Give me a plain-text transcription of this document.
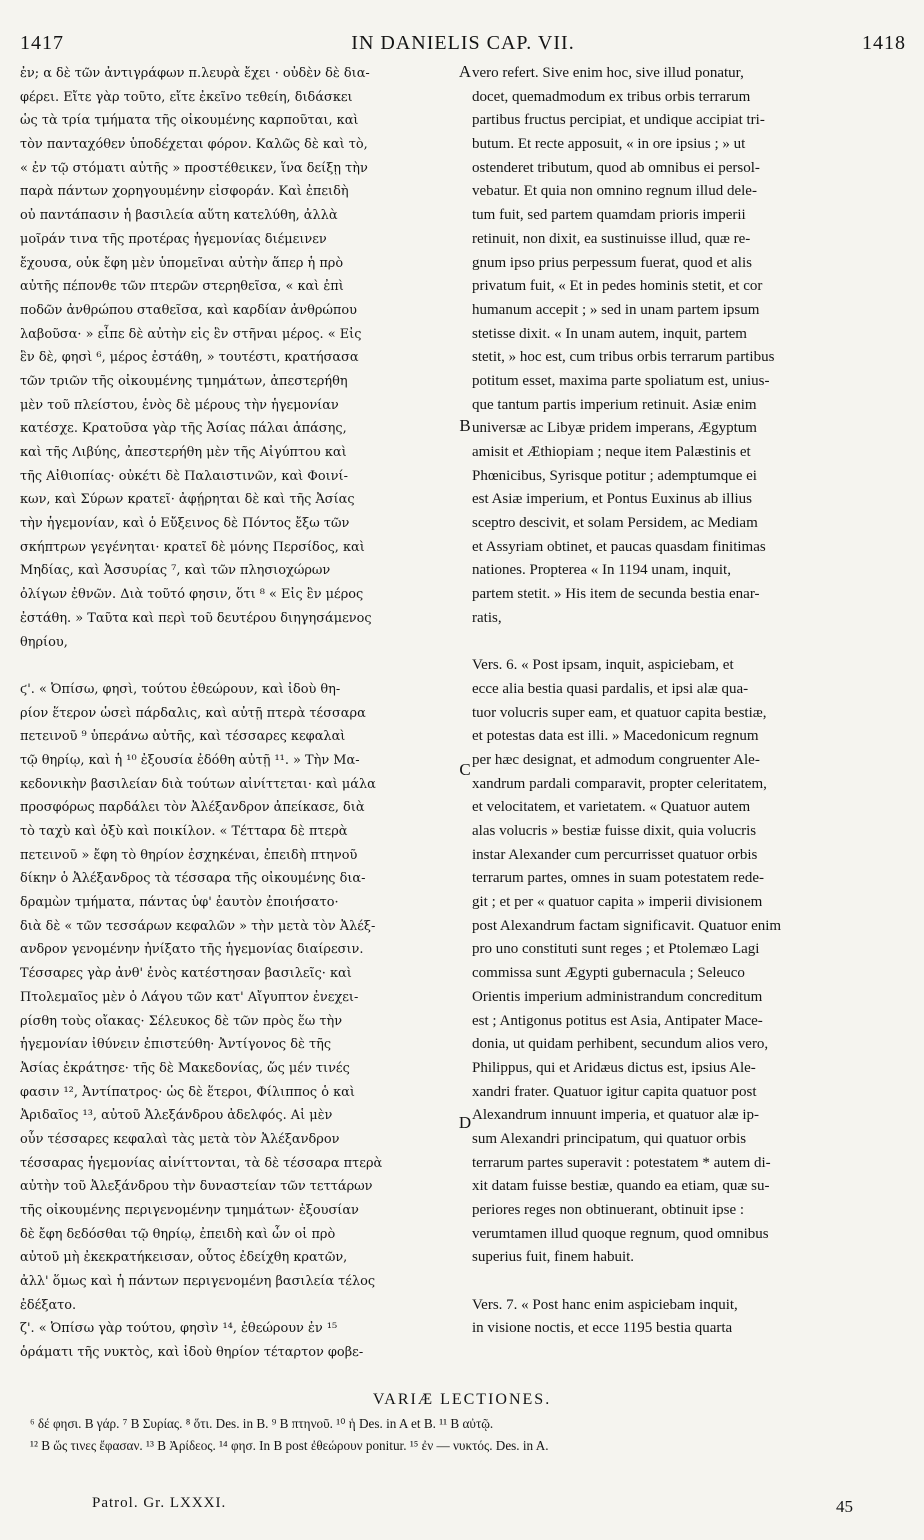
1417	IN DANIELIS CAP. VII.	1418
ἐν; α δὲ τῶν ἀντιγράφων π.λευρὰ ἔχει · οὐδὲν δὲ δια-
φέρει. Εἴτε γὰρ τοῦτο, εἴτε ἐκεῖνο τεθείη, διδάσκει
ὡς τὰ τρία τμήματα τῆς οἰκουμένης καρποῦται, καὶ
τὸν πανταχόθεν ὑποδέχεται φόρον. Καλῶς δὲ καὶ τὸ,
« ἐν τῷ στόματι αὐτῆς » προστέθεικεν, ἵνα δείξῃ τὴν
παρὰ πάντων χορηγουμένην εἰσφοράν. Καὶ ἐπειδὴ
οὐ παντάπασιν ἡ βασιλεία αὕτη κατελύθη, ἀλλὰ
μοῖράν τινα τῆς προτέρας ἡγεμονίας διέμεινεν
ἔχουσα, οὐκ ἔφη μὲν ὑπομεῖναι αὐτὴν ἅπερ ἡ πρὸ
αὐτῆς πέπονθε τῶν πτερῶν στερηθεῖσα, « καὶ ἐπὶ
ποδῶν ἀνθρώπου σταθεῖσα, καὶ καρδίαν ἀνθρώπου
λαβοῦσα· » εἶπε δὲ αὐτὴν εἰς ἓν στῆναι μέρος. « Εἰς
ἓν δὲ, φησὶ ⁶, μέρος ἐστάθη, » τουτέστι, κρατήσασα
τῶν τριῶν τῆς οἰκουμένης τμημάτων, ἀπεστερήθη
μὲν τοῦ πλείστου, ἑνὸς δὲ μέρους τὴν ἡγεμονίαν
κατέσχε. Κρατοῦσα γὰρ τῆς Ἀσίας πάλαι ἁπάσης,
καὶ τῆς Λιβύης, ἀπεστερήθη μὲν τῆς Αἰγύπτου καὶ
τῆς Αἰθιοπίας· οὐκέτι δὲ Παλαιστινῶν, καὶ Φοινί-
κων, καὶ Σύρων κρατεῖ· ἀφῄρηται δὲ καὶ τῆς Ἀσίας
τὴν ἡγεμονίαν, καὶ ὁ Εὔξεινος δὲ Πόντος ἔξω τῶν
σκήπτρων γεγένηται· κρατεῖ δὲ μόνης Περσίδος, καὶ
Μηδίας, καὶ Ἀσσυρίας ⁷, καὶ τῶν πλησιοχώρων
ὀλίγων ἐθνῶν. Διὰ τοῦτό φησιν, ὅτι ⁸ « Εἰς ἓν μέρος
ἐστάθη. » Ταῦτα καὶ περὶ τοῦ δευτέρου διηγησάμενος
θηρίου,
ϛ'. « Ὀπίσω, φησὶ, τούτου ἐθεώρουν, καὶ ἰδοὺ θη-
ρίον ἕτερον ὡσεὶ πάρδαλις, καὶ αὐτῇ πτερὰ τέσσαρα
πετεινοῦ ⁹ ὑπεράνω αὐτῆς, καὶ τέσσαρες κεφαλαὶ
τῷ θηρίῳ, καὶ ἡ ¹⁰ ἐξουσία ἐδόθη αὐτῇ ¹¹. » Τὴν Μα-
κεδονικὴν βασιλείαν διὰ τούτων αἰνίττεται· καὶ μάλα
προσφόρως παρδάλει τὸν Ἀλέξανδρον ἀπείκασε, διὰ
τὸ ταχὺ καὶ ὀξὺ καὶ ποικίλον. « Τέτταρα δὲ πτερὰ
πετεινοῦ » ἔφη τὸ θηρίον ἐσχηκέναι, ἐπειδὴ πτηνοῦ
δίκην ὁ Ἀλέξανδρος τὰ τέσσαρα τῆς οἰκουμένης δια-
δραμὼν τμήματα, πάντας ὑφ' ἑαυτὸν ἐποιήσατο·
διὰ δὲ « τῶν τεσσάρων κεφαλῶν » τὴν μετὰ τὸν Ἀλέξ-
ανδρον γενομένην ἠνίξατο τῆς ἡγεμονίας διαίρεσιν.
Τέσσαρες γὰρ ἀνθ' ἑνὸς κατέστησαν βασιλεῖς· καὶ
Πτολεμαῖος μὲν ὁ Λάγου τῶν κατ' Αἴγυπτον ἐνεχει-
ρίσθη τοὺς οἴακας· Σέλευκος δὲ τῶν πρὸς ἕω τὴν
ἡγεμονίαν ἰθύνειν ἐπιστεύθη· Ἀντίγονος δὲ τῆς
Ἀσίας ἐκράτησε· τῆς δὲ Μακεδονίας, ὥς μέν τινές
φασιν ¹², Ἀντίπατρος· ὡς δὲ ἕτεροι, Φίλιππος ὁ καὶ
Ἀριδαῖος ¹³, αὐτοῦ Ἀλεξάνδρου ἀδελφός. Αἱ μὲν
οὖν τέσσαρες κεφαλαὶ τὰς μετὰ τὸν Ἀλέξανδρον
τέσσαρας ἡγεμονίας αἰνίττονται, τὰ δὲ τέσσαρα πτερὰ
αὐτὴν τοῦ Ἀλεξάνδρου τὴν δυναστείαν τῶν τεττάρων
τῆς οἰκουμένης περιγενομένην τμημάτων· ἐξουσίαν
δὲ ἔφη δεδόσθαι τῷ θηρίῳ, ἐπειδὴ καὶ ὧν οἱ πρὸ
αὐτοῦ μὴ ἐκεκρατήκεισαν, οὗτος ἐδείχθη κρατῶν,
ἀλλ' ὅμως καὶ ἡ πάντων περιγενομένη βασιλεία τέλος
ἐδέξατο.
ζ'. « Ὀπίσω γὰρ τούτου, φησὶν ¹⁴, ἐθεώρουν ἐν ¹⁵
ὁράματι τῆς νυκτὸς, καὶ ἰδοὺ θηρίον τέταρτον φοβε-
vero refert. Sive enim hoc, sive illud ponatur,
docet, quemadmodum ex tribus orbis terrarum
partibus fructus percipiat, et undique accipiat tri-
butum. Et recte apposuit, « in ore ipsius ; » ut
ostenderet tributum, quod ab omnibus ei persol-
vebatur. Et quia non omnino regnum illud dele-
tum fuit, sed partem quamdam prioris imperii
retinuit, non dixit, ea sustinuisse illud, quæ re-
gnum ipso prius perpessum fuerat, quod et alis
privatum fuit, « Et in pedes hominis stetit, et cor
humanum accepit ; » sed in unam partem ipsum
stetisse dixit. « In unam autem, inquit, partem
stetit, » hoc est, cum tribus orbis terrarum partibus
potitum esset, maxima parte spoliatum est, unius-
que tantum partis imperium retinuit. Asiæ enim
universæ ac Libyæ pridem imperans, Ægyptum
amisit et Æthiopiam ; neque item Palæstinis et
Phœnicibus, Syrisque potitur ; ademptumque ei
est Asiæ imperium, et Pontus Euxinus ab illius
sceptro descivit, et solam Persidem, ac Mediam
et Assyriam obtinet, et paucas quasdam finitimas
nationes. Propterea « In 1194 unam, inquit,
partem stetit. » His item de secunda bestia enar-
ratis,
Vers. 6. « Post ipsam, inquit, aspiciebam, et
ecce alia bestia quasi pardalis, et ipsi alæ qua-
tuor volucris super eam, et quatuor capita bestiæ,
et potestas data est illi. » Macedonicum regnum
per hæc designat, et admodum congruenter Ale-
xandrum pardali comparavit, propter celeritatem,
et velocitatem, et varietatem. « Quatuor autem
alas volucris » bestiæ fuisse dixit, quia volucris
instar Alexander cum percurrisset quatuor orbis
terrarum partes, omnes in suam potestatem rede-
git ; et per « quatuor capita » imperii divisionem
post Alexandrum factam significavit. Quatuor enim
pro uno constituti sunt reges ; et Ptolemæo Lagi
commissa sunt Ægypti gubernacula ; Seleuco
Orientis imperium administrandum concreditum
est ; Antigonus potitus est Asia, Antipater Mace-
donia, ut quidam perhibent, secundum alios vero,
Philippus, qui et Aridæus dictus est, ipsius Ale-
xandri frater. Quatuor igitur capita quatuor post
Alexandrum innuunt imperia, et quatuor alæ ip-
sum Alexandri principatum, qui quatuor orbis
terrarum partes superavit : potestatem * autem di-
xit datam fuisse bestiæ, quando ea etiam, quæ su-
periores reges non obtinuerant, obtinuit ipse :
verumtamen illud quoque regnum, quod omnibus
superius fuit, finem habuit.
Vers. 7. « Post hanc enim aspiciebam inquit,
in visione noctis, et ecce 1195 bestia quarta
A
B
C
D
VARIÆ LECTIONES.
⁶ δέ φησι. B γάρ. ⁷ B Συρίας. ⁸ ὅτι. Des. in B. ⁹ B πτηνοῦ. ¹⁰ ἡ Des. in A et B. ¹¹ B αὐτῷ.
¹² B ὥς τινες ἔφασαν. ¹³ B Ἀρίδεος. ¹⁴ φησ. In B post ἐθεώρουν ponitur. ¹⁵ ἐν — νυκτός. Des. in A.
Patrol. Gr. LXXXI.	45
